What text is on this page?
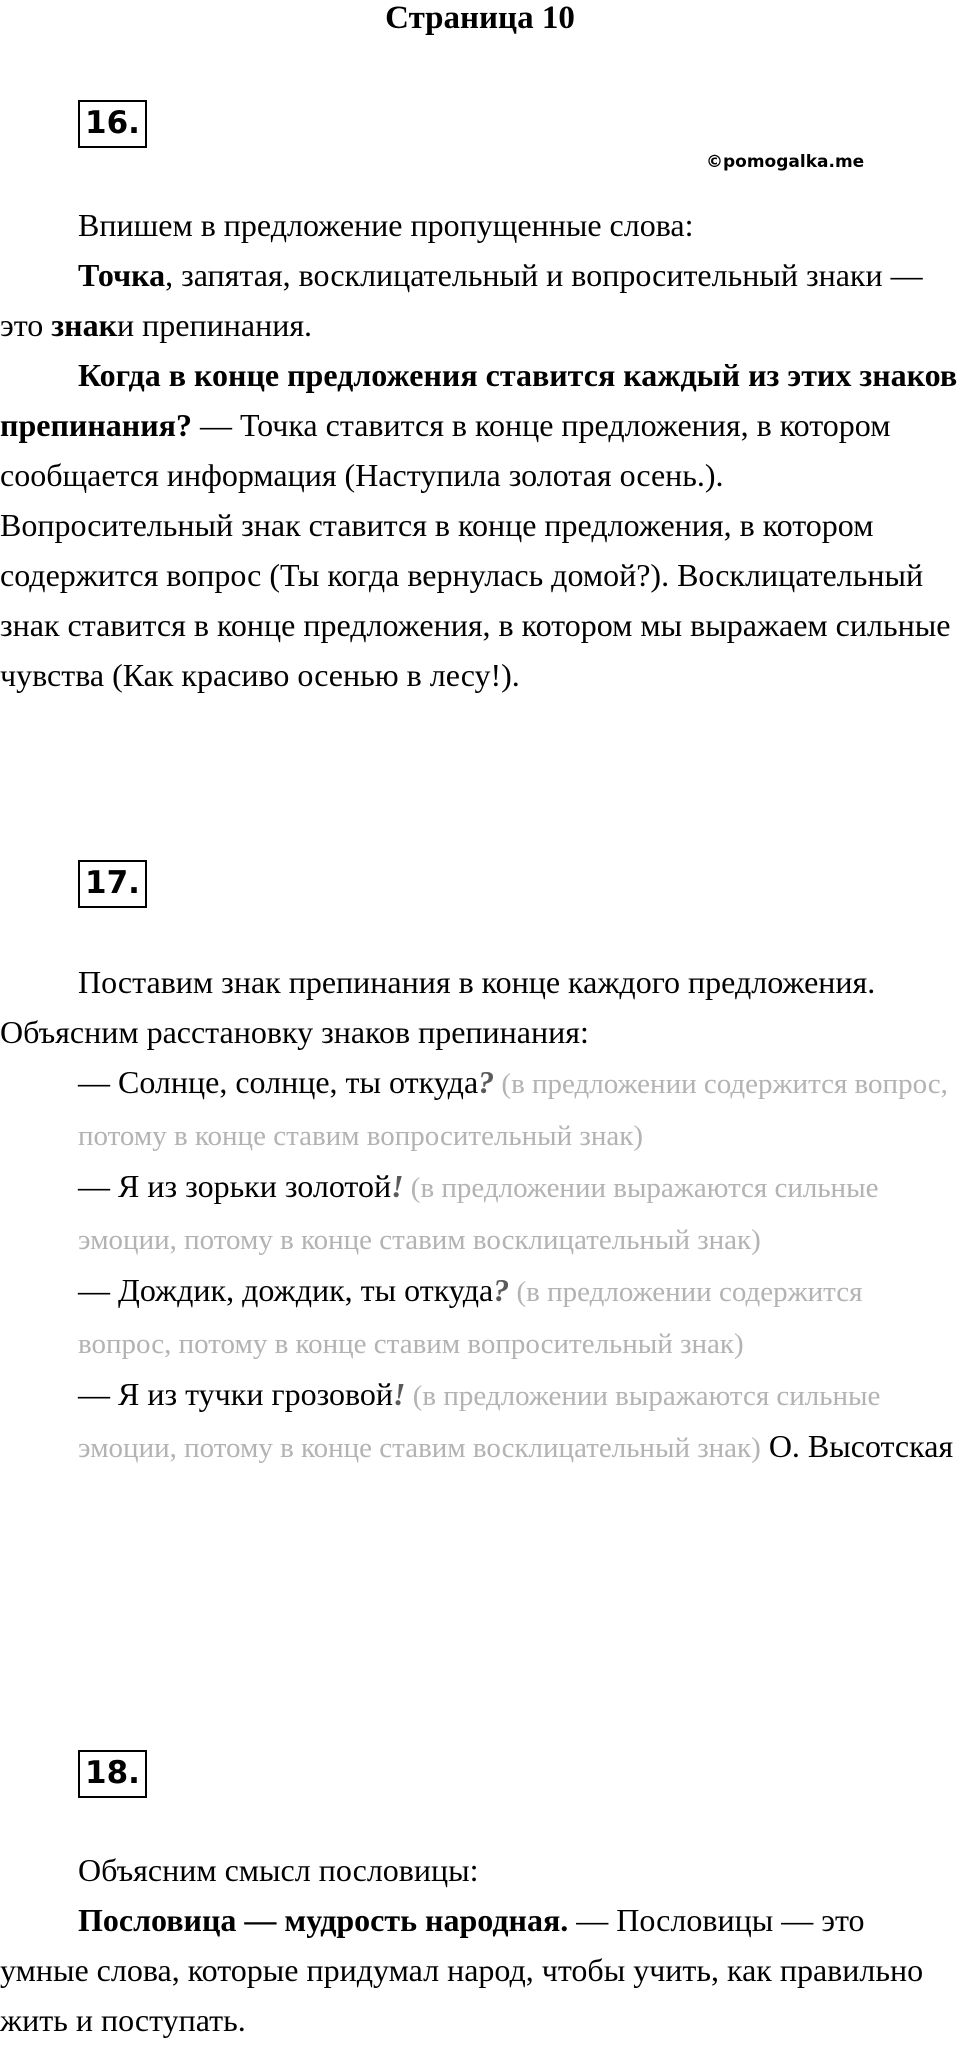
Страница 10
16.
©pomogalka.me

Впишем в предложение пропущенные слова:

Точка, запятая, восклицательный и вопросительный знаки — это знаки препинания.

Когда в конце предложения ставится каждый из этих знаков препинания? — Точка ставится в конце предложения, в котором сообщается информация (Наступила золотая осень.). Вопросительный знак ставится в конце предложения, в котором содержится вопрос (Ты когда вернулась домой?). Восклицательный знак ставится в конце предложения, в котором мы выражаем сильные чувства (Как красиво осенью в лесу!).

17.

Поставим знак препинания в конце каждого предложения. Объясним расстановку знаков препинания:

— Солнце, солнце, ты откуда? (в предложении содержится вопрос, потому в конце ставим вопросительный знак)

— Я из зорьки золотой! (в предложении выражаются сильные эмоции, потому в конце ставим восклицательный знак)

— Дождик, дождик, ты откуда? (в предложении содержится вопрос, потому в конце ставим вопросительный знак)

— Я из тучки грозовой! (в предложении выражаются сильные эмоции, потому в конце ставим восклицательный знак) О. Высотская

18.

Объясним смысл пословицы:

Пословица — мудрость народная. — Пословицы — это умные слова, которые придумал народ, чтобы учить, как правильно жить и поступать.
